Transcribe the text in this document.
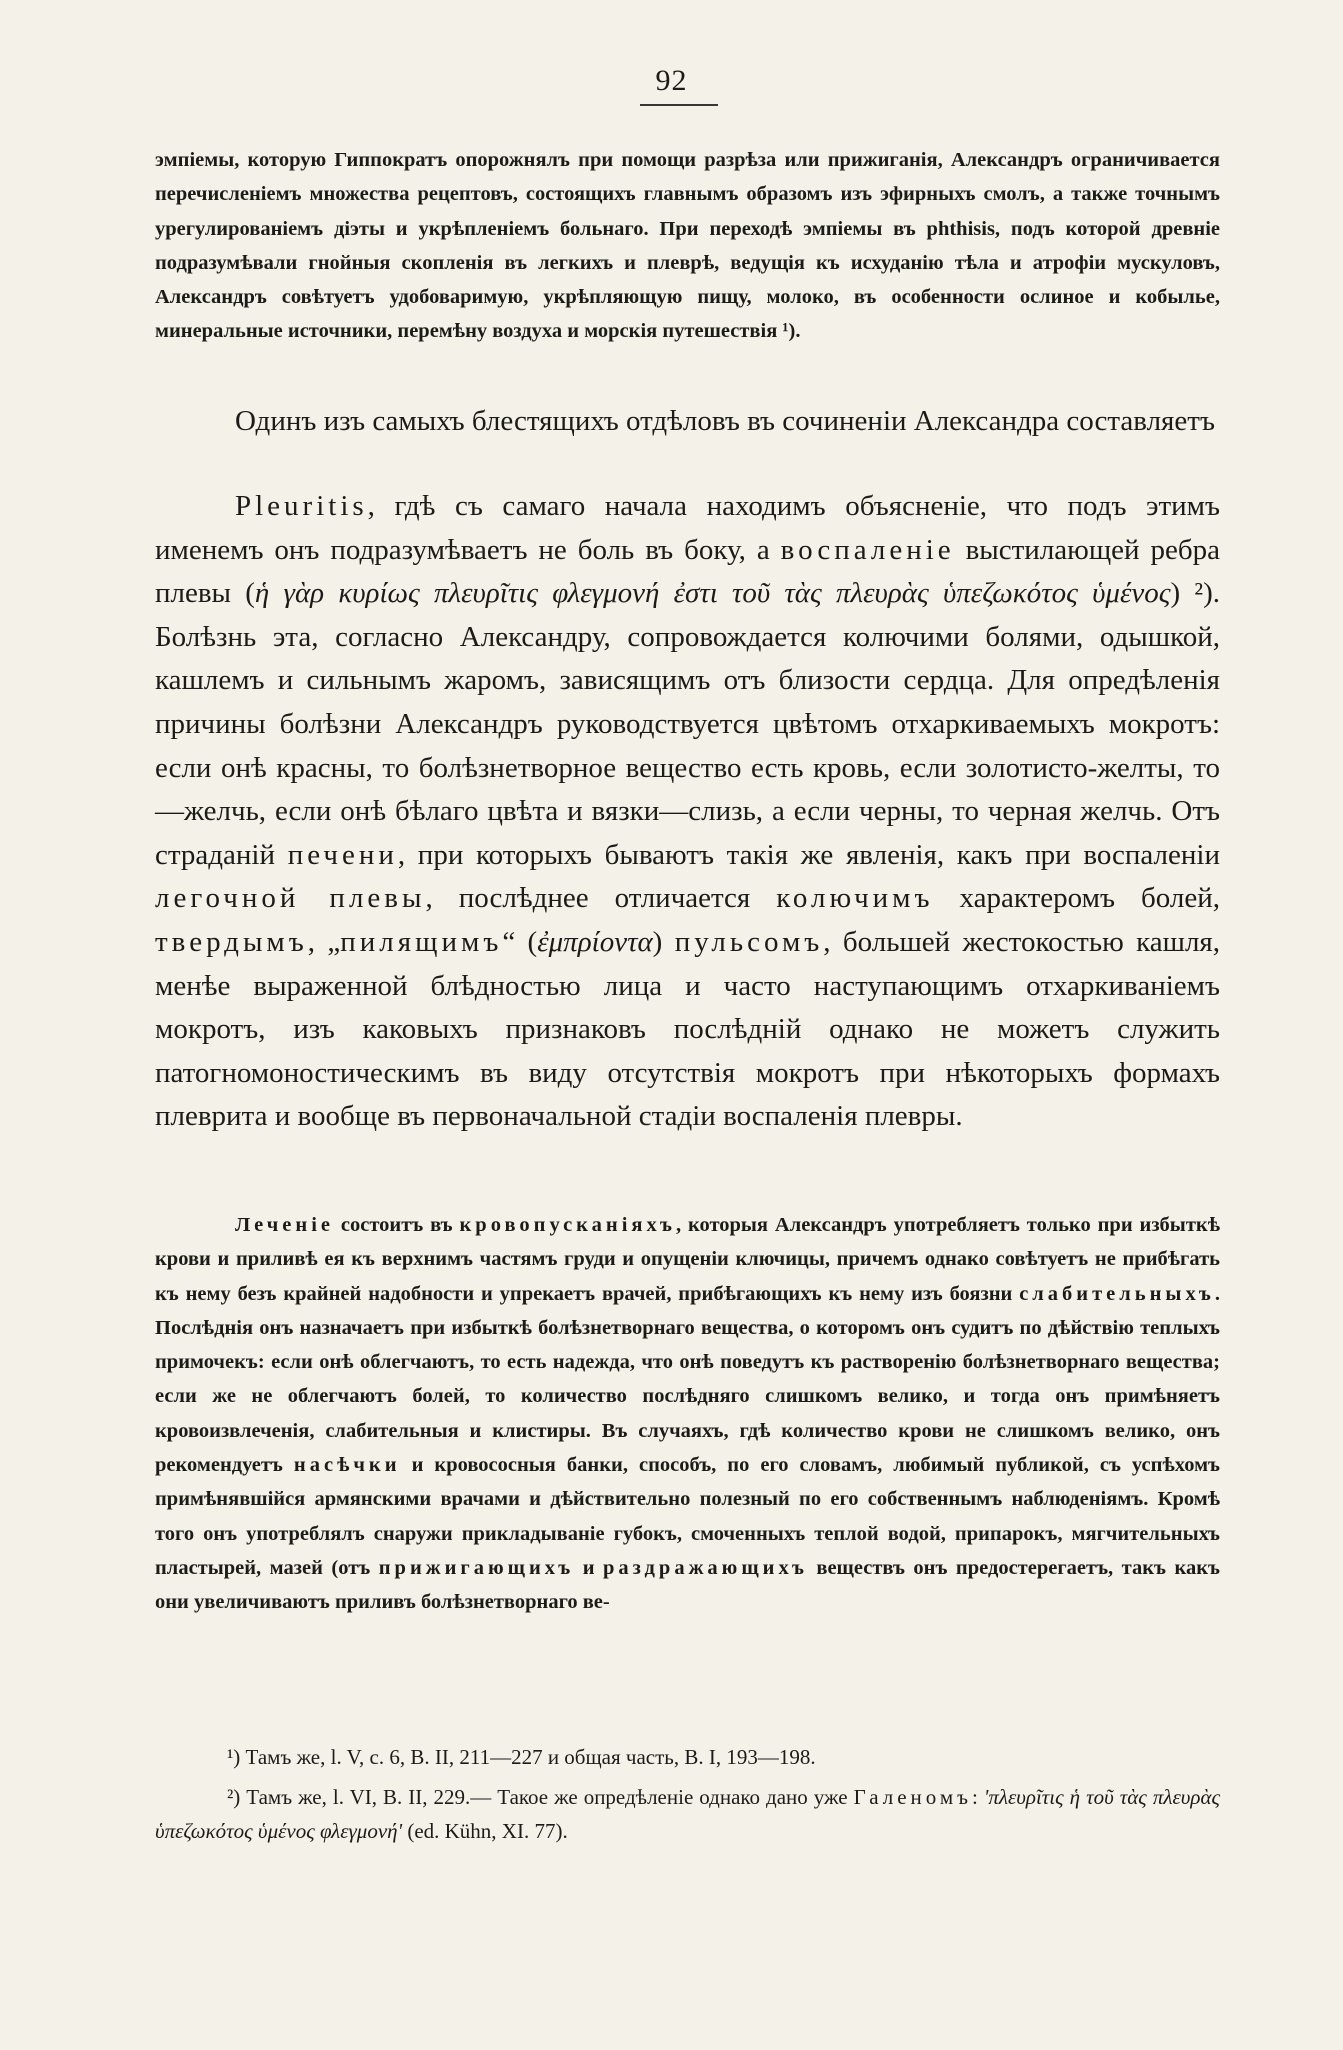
92

эмпіемы, которую Гиппократъ опорожнялъ при помощи разрѣза или прижиганія, Александръ ограничивается перечисленіемъ множества рецептовъ, состоящихъ главнымъ образомъ изъ эфирныхъ смолъ, а также точнымъ урегулированіемъ діэты и укрѣпленіемъ больнаго. При переходѣ эмпіемы въ phthisis, подъ которой древніе подразумѣвали гнойныя скопленія въ легкихъ и плеврѣ, ведущія къ исхуданію тѣла и атрофіи мускуловъ, Александръ совѣтуетъ удобоваримую, укрѣпляющую пищу, молоко, въ особенности ослиное и кобылье, минеральные источники, перемѣну воздуха и морскія путешествія ¹).

Одинъ изъ самыхъ блестящихъ отдѣловъ въ сочиненіи Александра составляетъ

Pleuritis, гдѣ съ самаго начала находимъ объясненіе, что подъ этимъ именемъ онъ подразумѣваетъ не боль въ боку, а воспаленіе выстилающей ребра плевы (ἡ γὰρ κυρίως πλευρῖτις φλεγμονή ἐστι τοῦ τὰς πλευρὰς ὑπεζωκότος ὑμένος) ²). Болѣзнь эта, согласно Александру, сопровождается колючими болями, одышкой, кашлемъ и сильнымъ жаромъ, зависящимъ отъ близости сердца. Для опредѣленія причины болѣзни Александръ руководствуется цвѣтомъ отхаркиваемыхъ мокротъ: если онѣ красны, то болѣзнетворное вещество есть кровь, если золотисто-желты, то—желчь, если онѣ бѣлаго цвѣта и вязки—слизь, а если черны, то черная желчь. Отъ страданій печени, при которыхъ бываютъ такія же явленія, какъ при воспаленіи легочной плевы, послѣднее отличается колючимъ характеромъ болей, твердымъ, „пилящимъ“ (ἐμπρίοντα) пульсомъ, большей жестокостью кашля, менѣе выраженной блѣдностью лица и часто наступающимъ отхаркиваніемъ мокротъ, изъ каковыхъ признаковъ послѣдній однако не можетъ служить патогномоностическимъ въ виду отсутствія мокротъ при нѣкоторыхъ формахъ плеврита и вообще въ первоначальной стадіи воспаленія плевры.

Леченіе состоитъ въ кровопусканіяхъ, которыя Александръ употребляетъ только при избыткѣ крови и приливѣ ея къ верхнимъ частямъ груди и опущеніи ключицы, причемъ однако совѣтуетъ не прибѣгать къ нему безъ крайней надобности и упрекаетъ врачей, прибѣгающихъ къ нему изъ боязни слабительныхъ. Послѣднія онъ назначаетъ при избыткѣ болѣзнетворнаго вещества, о которомъ онъ судитъ по дѣйствію теплыхъ примочекъ: если онѣ облегчаютъ, то есть надежда, что онѣ поведутъ къ раствоpенію болѣзнетворнаго вещества; если же не облегчаютъ болей, то количество послѣдняго слишкомъ велико, и тогда онъ примѣняетъ кровоизвлеченія, слабительныя и клистиры. Въ случаяхъ, гдѣ количество крови не слишкомъ велико, онъ рекомендуетъ насѣчки и кровососныя банки, способъ, по его словамъ, любимый публикой, съ успѣхомъ примѣнявшійся армянскими врачами и дѣйствительно полезный по его собственнымъ наблюденіямъ. Кромѣ того онъ употреблялъ снаружи прикладываніе губокъ, смоченныхъ теплой водой, припарокъ, мягчительныхъ пластырей, мазей (отъ прижигающихъ и раздражающихъ веществъ онъ предостерегаетъ, такъ какъ они увеличиваютъ приливъ болѣзнетворнаго ве-

¹) Тамъ же, l. V, c. 6, B. II, 211—227 и общая часть, B. I, 193—198.

²) Тамъ же, l. VI, B. II, 229.— Такое же опредѣленіе однако дано уже Галеномъ: ʹπλευρῖτις ἡ τοῦ τὰς πλευρὰς ὑπεζωκότος ὑμένος φλεγμονήʹ (ed. Kühn, XI. 77).
